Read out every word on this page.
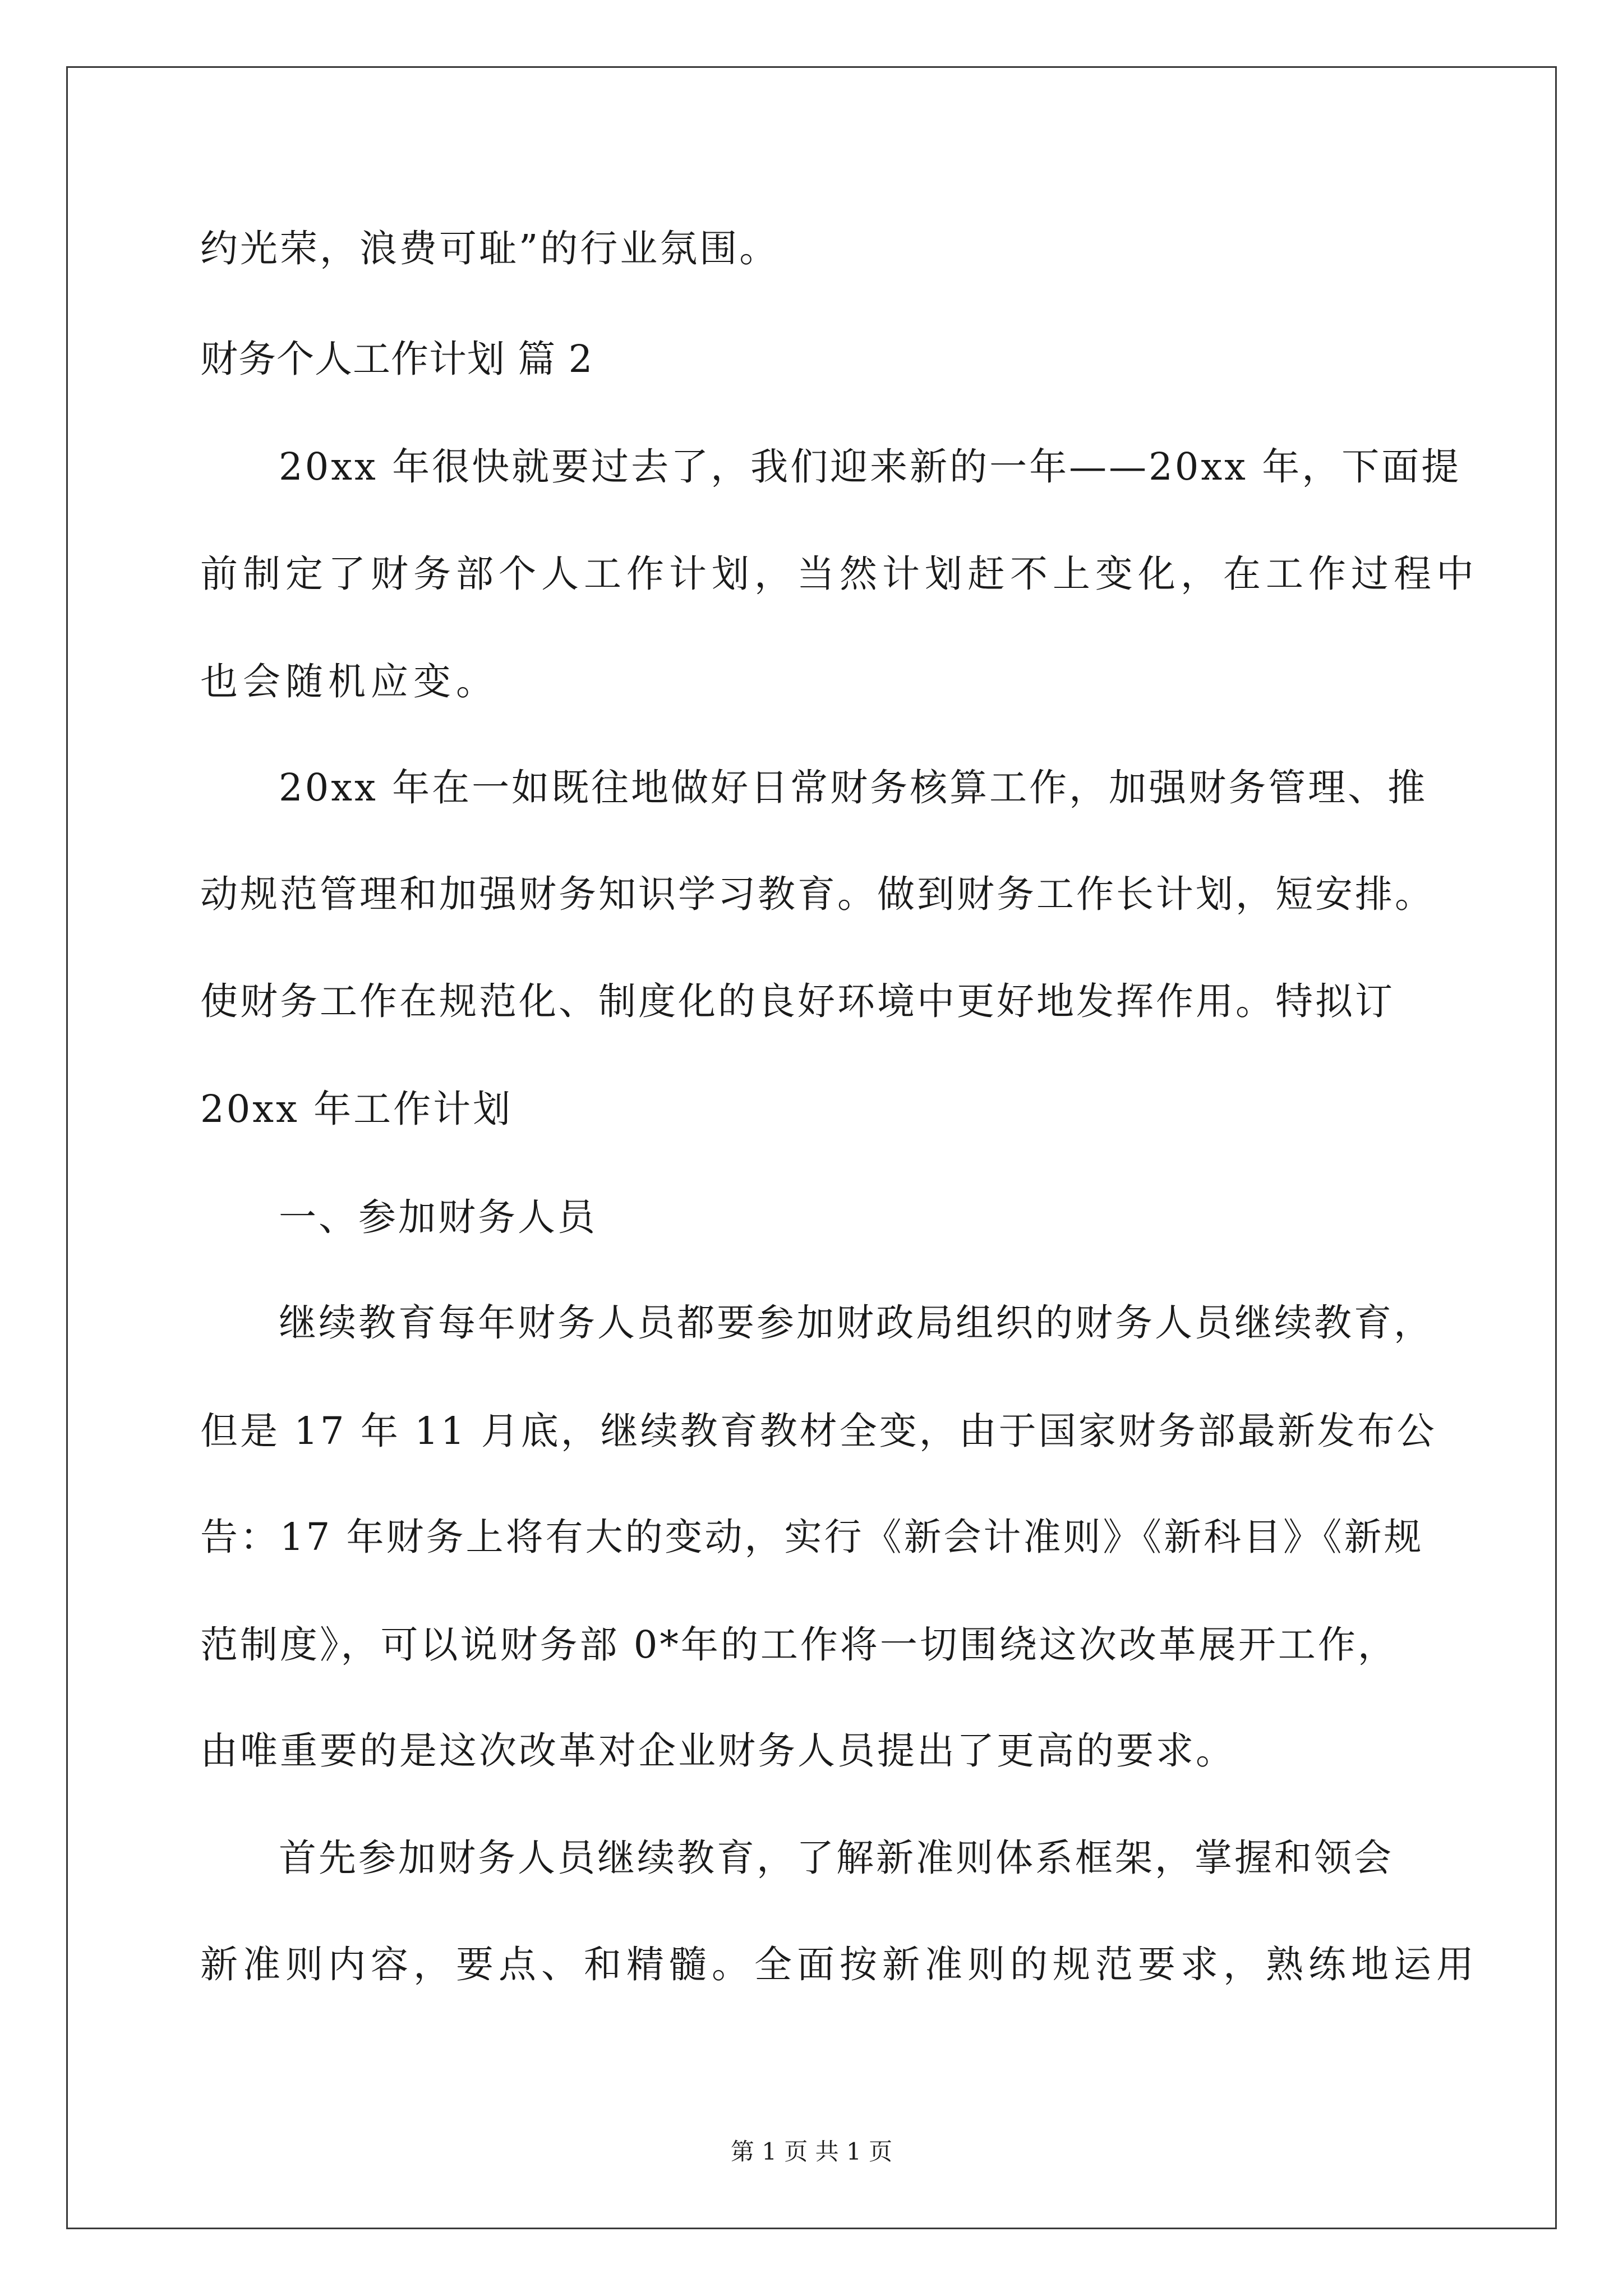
约光荣，浪费可耻”的行业氛围。
财务个人工作计划 篇 2
20xx 年很快就要过去了，我们迎来新的一年——20xx 年，下面提
前制定了财务部个人工作计划，当然计划赶不上变化，在工作过程中
也会随机应变。
20xx 年在一如既往地做好日常财务核算工作，加强财务管理、推
动规范管理和加强财务知识学习教育。做到财务工作长计划，短安排。
使财务工作在规范化、制度化的良好环境中更好地发挥作用。特拟订
20xx 年工作计划
一、参加财务人员
继续教育每年财务人员都要参加财政局组织的财务人员继续教育，
但是 17 年 11 月底，继续教育教材全变，由于国家财务部最新发布公
告：17 年财务上将有大的变动，实行《新会计准则》《新科目》《新规
范制度》，可以说财务部 0*年的工作将一切围绕这次改革展开工作，
由唯重要的是这次改革对企业财务人员提出了更高的要求。
首先参加财务人员继续教育，了解新准则体系框架，掌握和领会
新准则内容，要点、和精髓。全面按新准则的规范要求，熟练地运用
第 1 页 共 1 页
